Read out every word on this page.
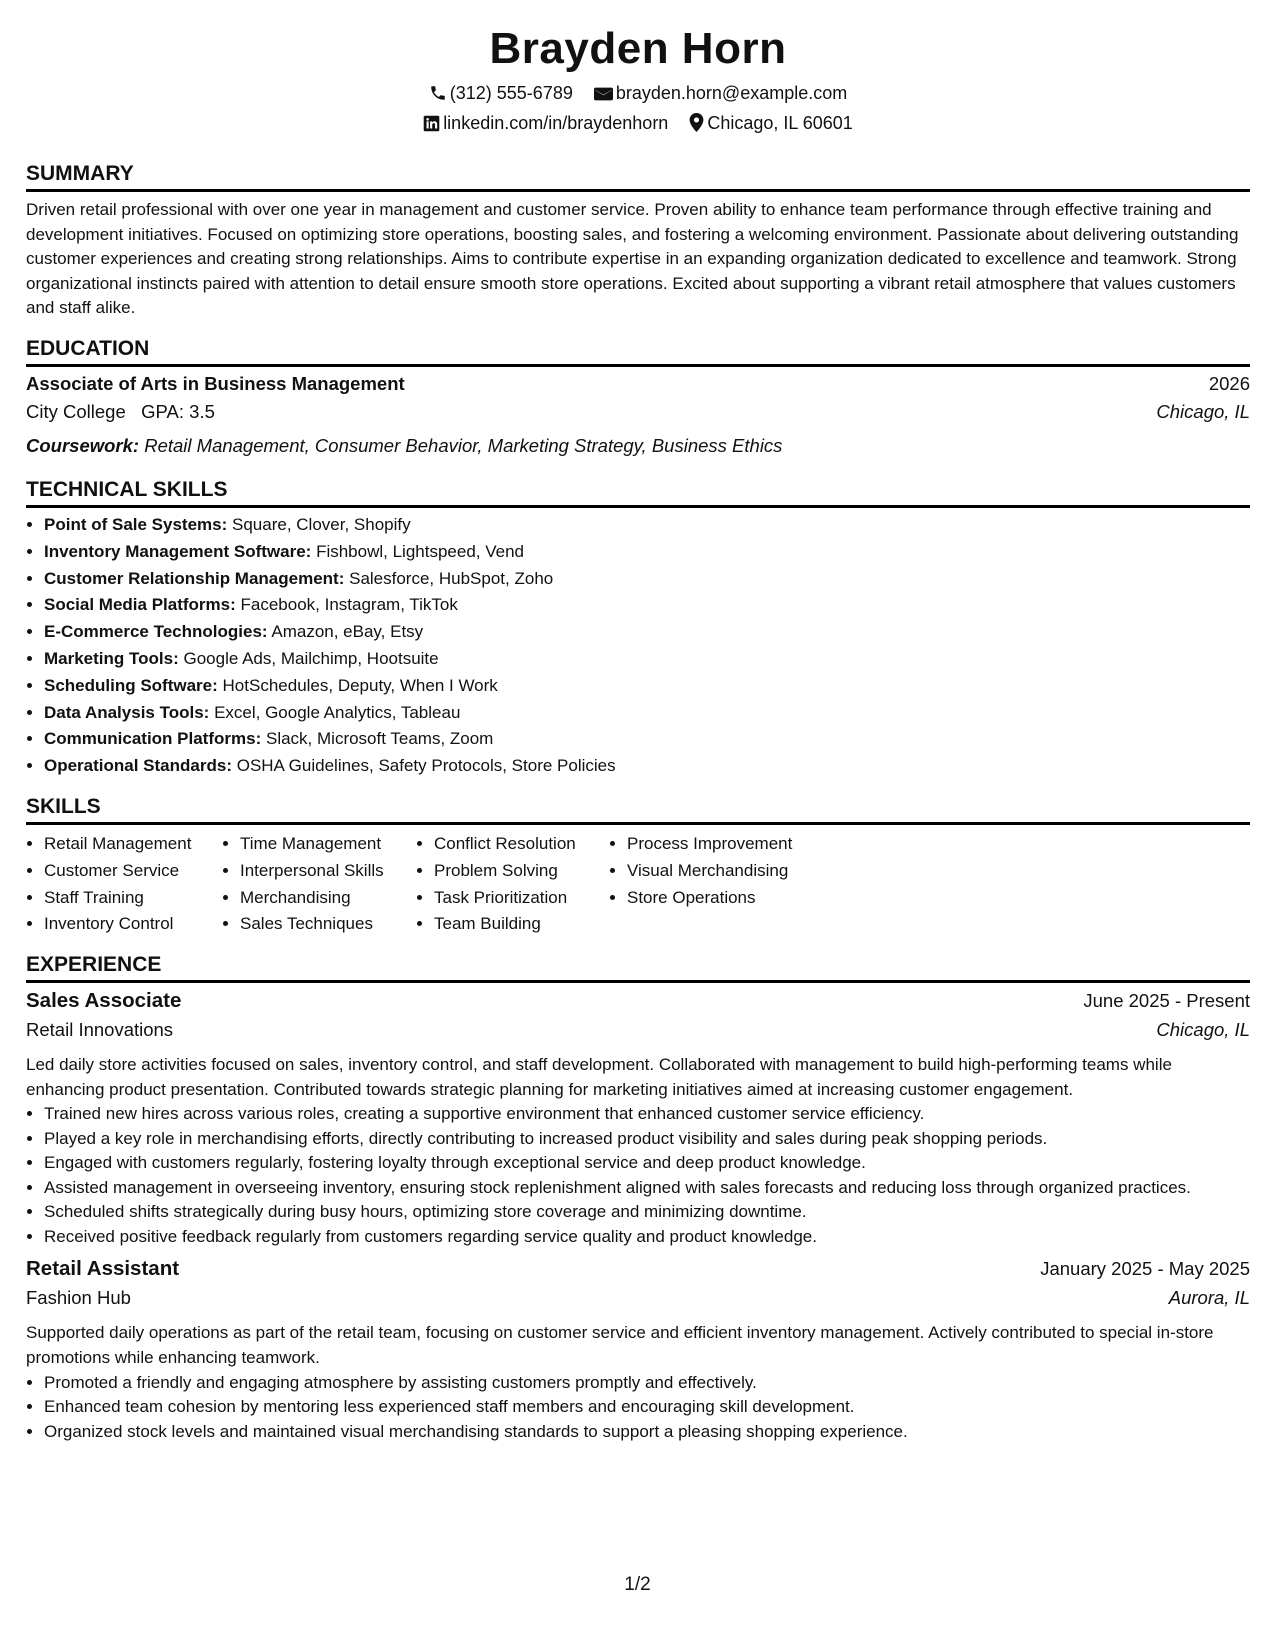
Brayden Horn
(312) 555-6789 brayden.horn@example.com
linkedin.com/in/braydenhorn Chicago, IL 60601
SUMMARY

Driven retail professional with over one year in management and customer service. Proven ability to enhance team performance through effective training and development initiatives. Focused on optimizing store operations, boosting sales, and fostering a welcoming environment. Passionate about delivering outstanding customer experiences and creating strong relationships. Aims to contribute expertise in an expanding organization dedicated to excellence and teamwork. Strong organizational instincts paired with attention to detail ensure smooth store operations. Excited about supporting a vibrant retail atmosphere that values customers and staff alike.

EDUCATION
Associate of Arts in Business Management	2026
City College GPA: 3.5	Chicago, IL
Coursework: Retail Management, Consumer Behavior, Marketing Strategy, Business Ethics
TECHNICAL SKILLS
• Point of Sale Systems: Square, Clover, Shopify
• Inventory Management Software: Fishbowl, Lightspeed, Vend
• Customer Relationship Management: Salesforce, HubSpot, Zoho
• Social Media Platforms: Facebook, Instagram, TikTok
• E-Commerce Technologies: Amazon, eBay, Etsy
• Marketing Tools: Google Ads, Mailchimp, Hootsuite
• Scheduling Software: HotSchedules, Deputy, When I Work
• Data Analysis Tools: Excel, Google Analytics, Tableau
• Communication Platforms: Slack, Microsoft Teams, Zoom
• Operational Standards: OSHA Guidelines, Safety Protocols, Store Policies
SKILLS
• Retail Management
• Customer Service
• Staff Training
• Inventory Control
• Time Management
• Interpersonal Skills
• Merchandising
• Sales Techniques
• Conflict Resolution
• Problem Solving
• Task Prioritization
• Team Building
• Process Improvement
• Visual Merchandising
• Store Operations
EXPERIENCE
Sales Associate	June 2025 - Present
Retail Innovations	Chicago, IL

Led daily store activities focused on sales, inventory control, and staff development. Collaborated with management to build high-performing teams while enhancing product presentation. Contributed towards strategic planning for marketing initiatives aimed at increasing customer engagement.

• Trained new hires across various roles, creating a supportive environment that enhanced customer service efficiency.
• Played a key role in merchandising efforts, directly contributing to increased product visibility and sales during peak shopping periods.
• Engaged with customers regularly, fostering loyalty through exceptional service and deep product knowledge.
• Assisted management in overseeing inventory, ensuring stock replenishment aligned with sales forecasts and reducing loss through organized practices.
• Scheduled shifts strategically during busy hours, optimizing store coverage and minimizing downtime.
• Received positive feedback regularly from customers regarding service quality and product knowledge.
Retail Assistant	January 2025 - May 2025
Fashion Hub	Aurora, IL

Supported daily operations as part of the retail team, focusing on customer service and efficient inventory management. Actively contributed to special in-store promotions while enhancing teamwork.

• Promoted a friendly and engaging atmosphere by assisting customers promptly and effectively.
• Enhanced team cohesion by mentoring less experienced staff members and encouraging skill development.
• Organized stock levels and maintained visual merchandising standards to support a pleasing shopping experience.
1/2
